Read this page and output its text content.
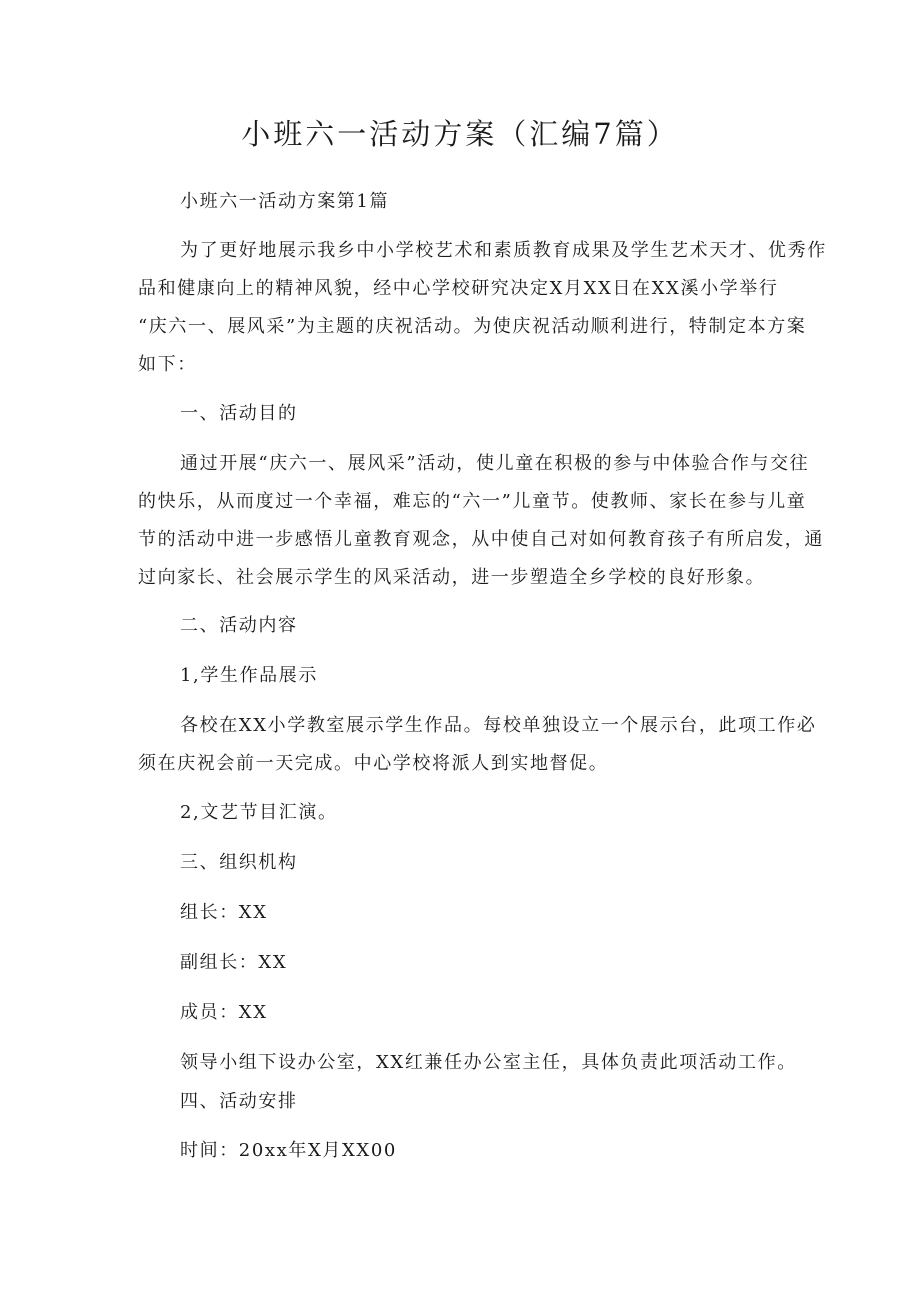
小班六一活动方案（汇编7篇）
小班六一活动方案第1篇
为了更好地展示我乡中小学校艺术和素质教育成果及学生艺术天才、优秀作
品和健康向上的精神风貌，经中心学校研究决定X月XX日在XX溪小学举行
“庆六一、展风采”为主题的庆祝活动。为使庆祝活动顺利进行，特制定本方案
如下：
一、活动目的
通过开展“庆六一、展风采”活动，使儿童在积极的参与中体验合作与交往
的快乐，从而度过一个幸福，难忘的“六一”儿童节。使教师、家长在参与儿童
节的活动中进一步感悟儿童教育观念，从中使自己对如何教育孩子有所启发，通
过向家长、社会展示学生的风采活动，进一步塑造全乡学校的良好形象。
二、活动内容
1,学生作品展示
各校在XX小学教室展示学生作品。每校单独设立一个展示台，此项工作必
须在庆祝会前一天完成。中心学校将派人到实地督促。
2,文艺节目汇演。
三、组织机构
组长：XX
副组长：XX
成员：XX
领导小组下设办公室，XX红兼任办公室主任，具体负责此项活动工作。
四、活动安排
时间：20xx年X月XX00
